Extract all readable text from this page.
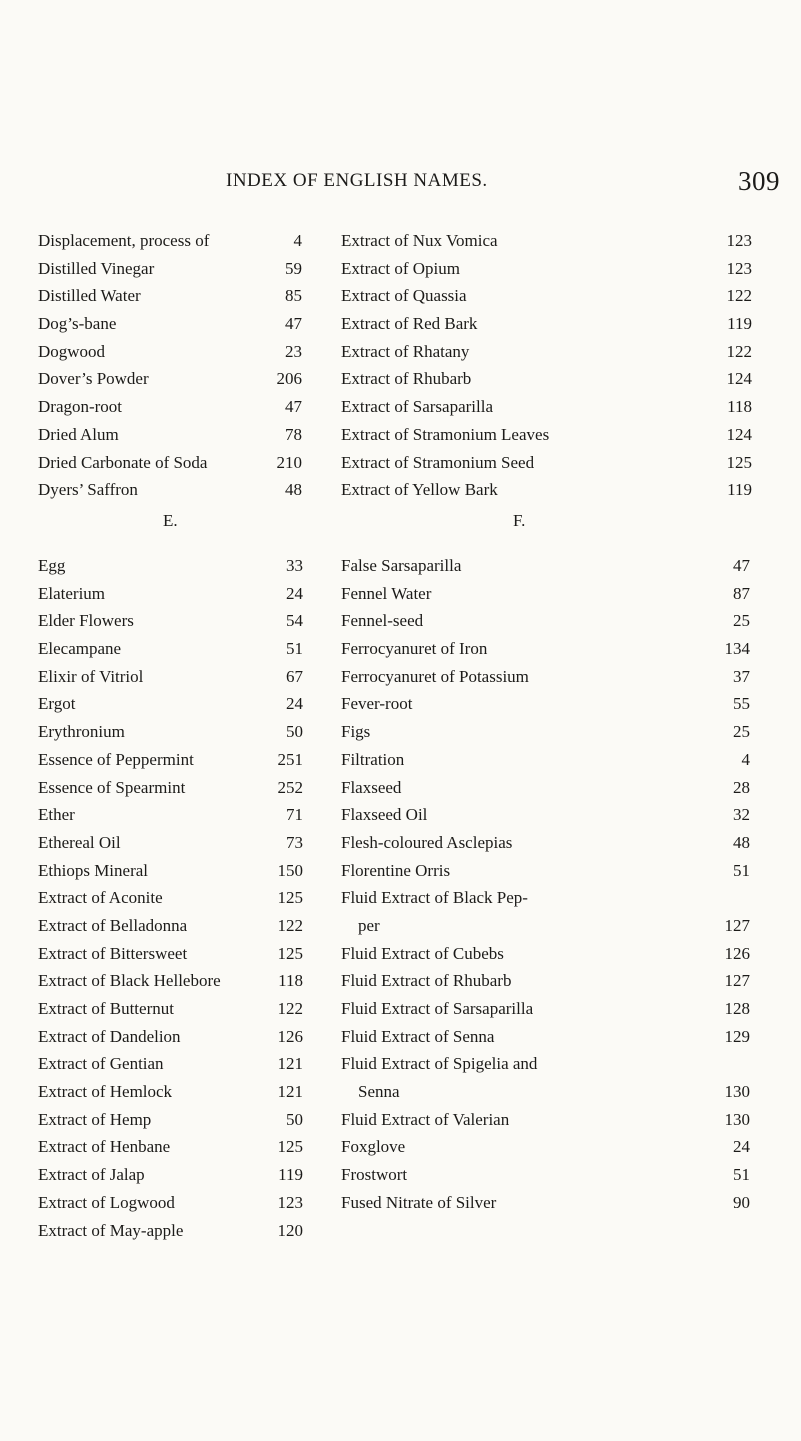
INDEX OF ENGLISH NAMES.	309
Displacement, process of	4
Distilled Vinegar	59
Distilled Water	85
Dog’s-bane	47
Dogwood	23
Dover’s Powder	206
Dragon-root	47
Dried Alum	78
Dried Carbonate of Soda	210
Dyers’ Saffron	48
Extract of Nux Vomica	123
Extract of Opium	123
Extract of Quassia	122
Extract of Red Bark	119
Extract of Rhatany	122
Extract of Rhubarb	124
Extract of Sarsaparilla	118
Extract of Stramonium Leaves	124
Extract of Stramonium Seed	125
Extract of Yellow Bark	119
E.	F.
Egg	33
Elaterium	24
Elder Flowers	54
Elecampane	51
Elixir of Vitriol	67
Ergot	24
Erythronium	50
Essence of Peppermint	251
Essence of Spearmint	252
Ether	71
Ethereal Oil	73
Ethiops Mineral	150
Extract of Aconite	125
Extract of Belladonna	122
Extract of Bittersweet	125
Extract of Black Hellebore	118
Extract of Butternut	122
Extract of Dandelion	126
Extract of Gentian	121
Extract of Hemlock	121
Extract of Hemp	50
Extract of Henbane	125
Extract of Jalap	119
Extract of Logwood	123
Extract of May-apple	120
False Sarsaparilla	47
Fennel Water	87
Fennel-seed	25
Ferrocyanuret of Iron	134
Ferrocyanuret of Potassium	37
Fever-root	55
Figs	25
Filtration	4
Flaxseed	28
Flaxseed Oil	32
Flesh-coloured Asclepias	48
Florentine Orris	51
Fluid Extract of Black Pep-
per	127
Fluid Extract of Cubebs	126
Fluid Extract of Rhubarb	127
Fluid Extract of Sarsaparilla	128
Fluid Extract of Senna	129
Fluid Extract of Spigelia and
Senna	130
Fluid Extract of Valerian	130
Foxglove	24
Frostwort	51
Fused Nitrate of Silver	90
